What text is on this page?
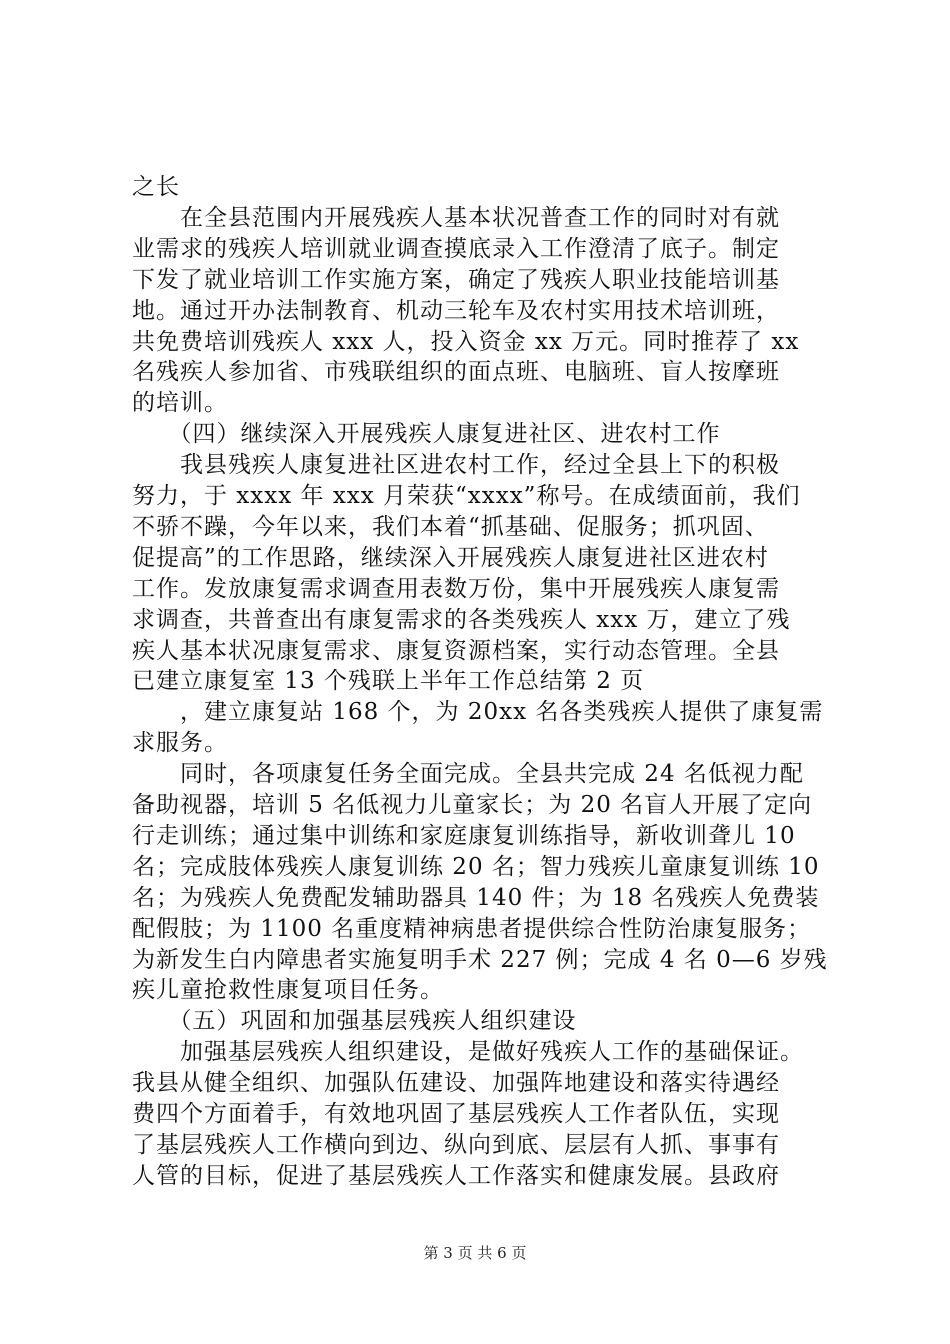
之长
　　在全县范围内开展残疾人基本状况普查工作的同时对有就
业需求的残疾人培训就业调查摸底录入工作澄清了底子。制定
下发了就业培训工作实施方案，确定了残疾人职业技能培训基
地。通过开办法制教育、机动三轮车及农村实用技术培训班，
共免费培训残疾人 xxx 人，投入资金 xx 万元。同时推荐了 xx
名残疾人参加省、市残联组织的面点班、电脑班、盲人按摩班
的培训。
　　（四）继续深入开展残疾人康复进社区、进农村工作
　　我县残疾人康复进社区进农村工作，经过全县上下的积极
努力，于 xxxx 年 xxx 月荣获“xxxx”称号。在成绩面前，我们
不骄不躁，今年以来，我们本着“抓基础、促服务；抓巩固、
促提高”的工作思路，继续深入开展残疾人康复进社区进农村
工作。发放康复需求调查用表数万份，集中开展残疾人康复需
求调查，共普查出有康复需求的各类残疾人 xxx 万，建立了残
疾人基本状况康复需求、康复资源档案，实行动态管理。全县
已建立康复室 13 个残联上半年工作总结第 2 页
　　，建立康复站 168 个，为 20xx 名各类残疾人提供了康复需
求服务。
　　同时，各项康复任务全面完成。全县共完成 24 名低视力配
备助视器，培训 5 名低视力儿童家长；为 20 名盲人开展了定向
行走训练；通过集中训练和家庭康复训练指导，新收训聋儿 10
名；完成肢体残疾人康复训练 20 名；智力残疾儿童康复训练 10
名；为残疾人免费配发辅助器具 140 件；为 18 名残疾人免费装
配假肢；为 1100 名重度精神病患者提供综合性防治康复服务；
为新发生白内障患者实施复明手术 227 例；完成 4 名 0—6 岁残
疾儿童抢救性康复项目任务。
　　（五）巩固和加强基层残疾人组织建设
　　加强基层残疾人组织建设，是做好残疾人工作的基础保证。
我县从健全组织、加强队伍建设、加强阵地建设和落实待遇经
费四个方面着手，有效地巩固了基层残疾人工作者队伍，实现
了基层残疾人工作横向到边、纵向到底、层层有人抓、事事有
人管的目标，促进了基层残疾人工作落实和健康发展。县政府
第 3 页 共 6 页
